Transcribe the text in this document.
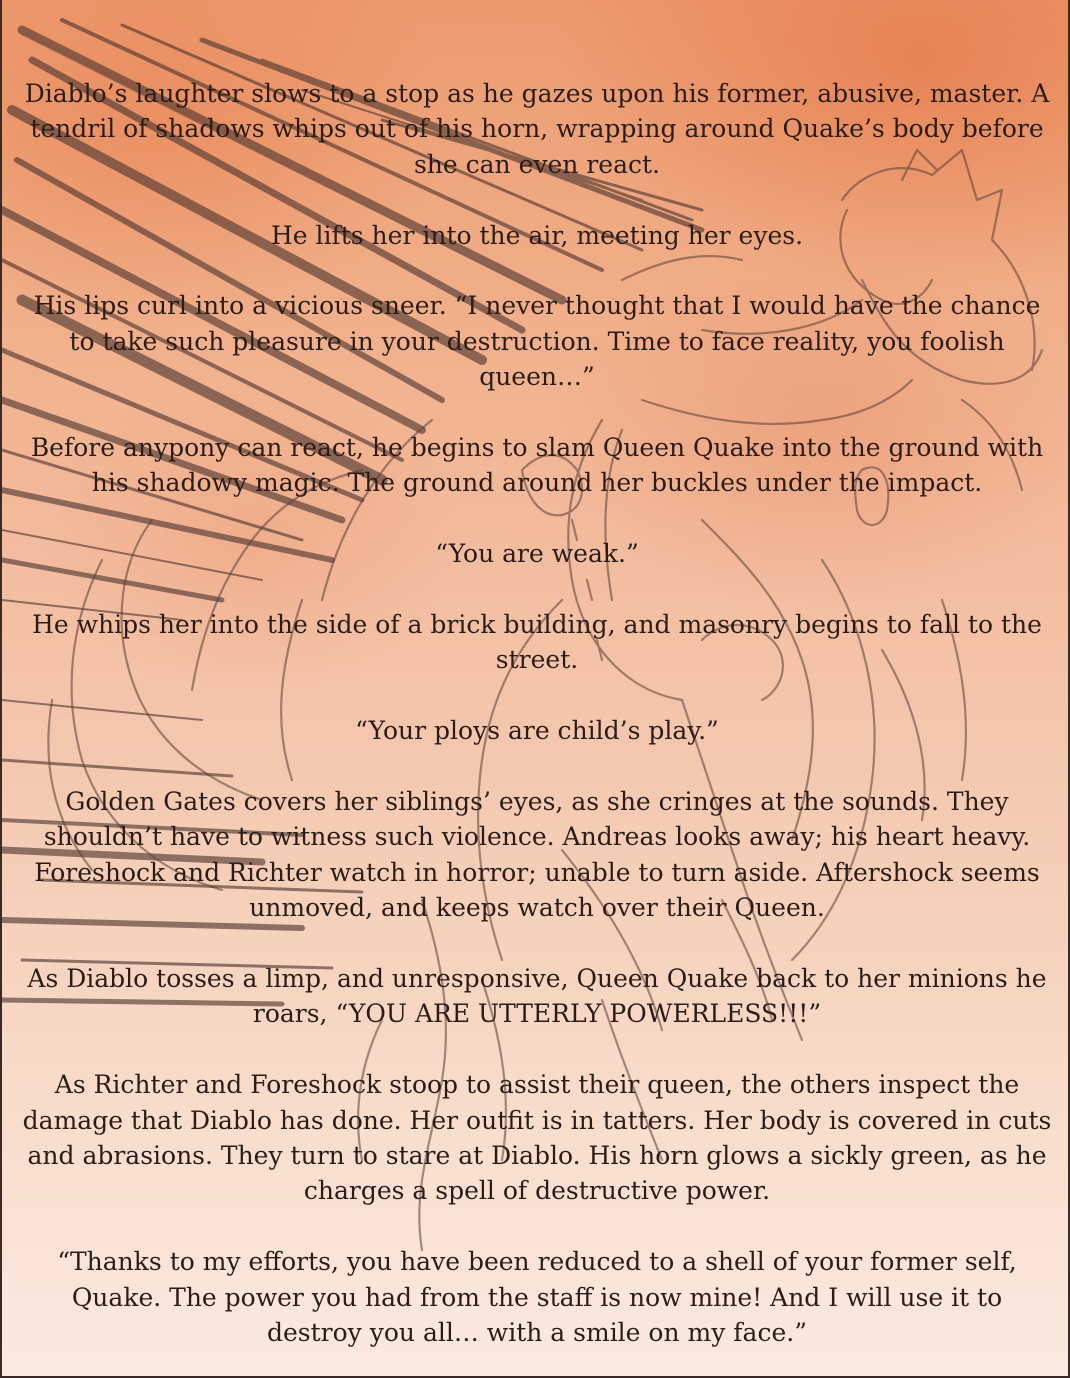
Diablo’s laughter slows to a stop as he gazes upon his former, abusive, master. A tendril of shadows whips out of his horn, wrapping around Quake’s body before she can even react.

He lifts her into the air, meeting her eyes.

His lips curl into a vicious sneer. “I never thought that I would have the chance to take such pleasure in your destruction. Time to face reality, you foolish queen…”

Before anypony can react, he begins to slam Queen Quake into the ground with his shadowy magic. The ground around her buckles under the impact.

“You are weak.”

He whips her into the side of a brick building, and masonry begins to fall to the street.

“Your ploys are child’s play.”

Golden Gates covers her siblings’ eyes, as she cringes at the sounds. They shouldn’t have to witness such violence. Andreas looks away; his heart heavy. Foreshock and Richter watch in horror; unable to turn aside. Aftershock seems unmoved, and keeps watch over their Queen.

As Diablo tosses a limp, and unresponsive, Queen Quake back to her minions he roars, “YOU ARE UTTERLY POWERLESS!!!”

As Richter and Foreshock stoop to assist their queen, the others inspect the damage that Diablo has done. Her outfit is in tatters. Her body is covered in cuts and abrasions. They turn to stare at Diablo. His horn glows a sickly green, as he charges a spell of destructive power.

“Thanks to my efforts, you have been reduced to a shell of your former self, Quake. The power you had from the staff is now mine! And I will use it to destroy you all… with a smile on my face.”
